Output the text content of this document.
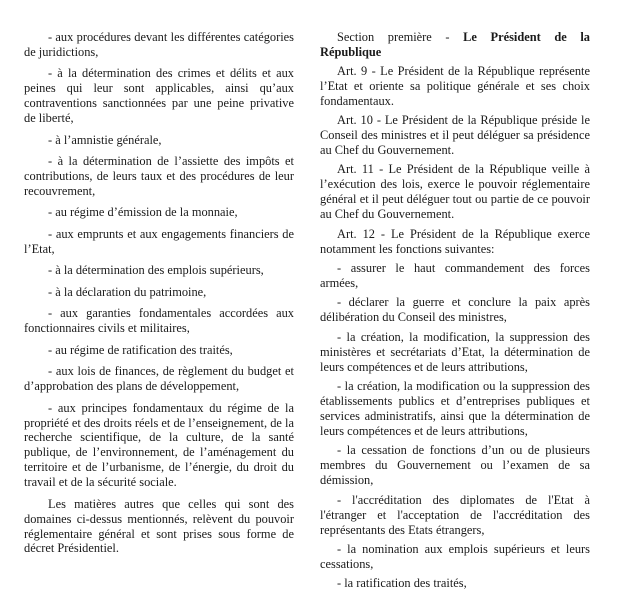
- aux procédures devant les différentes catégories de juridictions,

- à la détermination des crimes et délits et aux peines qui leur sont applicables, ainsi qu’aux contraventions sanctionnées par une peine privative de liberté,

- à l’amnistie générale,

- à la détermination de l’assiette des impôts et contributions, de leurs taux et des procédures de leur recouvrement,

- au régime d’émission de la monnaie,

- aux emprunts et aux engagements financiers de l’Etat,

- à la détermination des emplois supérieurs,

- à la déclaration du patrimoine,

- aux garanties fondamentales accordées aux fonctionnaires civils et militaires,

- au régime de ratification des traités,

- aux lois de finances, de règlement du budget et d’approbation des plans de développement,

- aux principes fondamentaux du régime de la propriété et des droits réels et de l’enseignement, de la recherche scientifique, de la culture, de la santé publique, de l’environnement, de l’aménagement du territoire et de l’urbanisme, de l’énergie, du droit du travail et de la sécurité sociale.

Les matières autres que celles qui sont des domaines ci-dessus mentionnés, relèvent du pouvoir réglementaire général et sont prises sous forme de décret Présidentiel.

Section première - Le Président de la République

Art. 9 - Le Président de la République représente l’Etat et oriente sa politique générale et ses choix fondamentaux.

Art. 10 - Le Président de la République préside le Conseil des ministres et il peut déléguer sa présidence au Chef du Gouvernement.

Art. 11 - Le Président de la République veille à l’exécution des lois, exerce le pouvoir réglementaire général et il peut déléguer tout ou partie de ce pouvoir au Chef du Gouvernement.

Art. 12 - Le Président de la République exerce notamment les fonctions suivantes:

- assurer le haut commandement des forces armées,

- déclarer la guerre et conclure la paix après délibération du Conseil des ministres,

- la création, la modification, la suppression des ministères et secrétariats d’Etat, la détermination de leurs compétences et de leurs attributions,

- la création, la modification ou la suppression des établissements publics et d’entreprises publiques et services administratifs, ainsi que la détermination de leurs compétences et de leurs attributions,

- la cessation de fonctions d’un ou de plusieurs membres du Gouvernement ou l’examen de sa démission,

- l'accréditation des diplomates de l'Etat à l'étranger et l'acceptation de l'accréditation des représentants des Etats étrangers,

- la nomination aux emplois supérieurs et leurs cessations,

- la ratification des traités,
